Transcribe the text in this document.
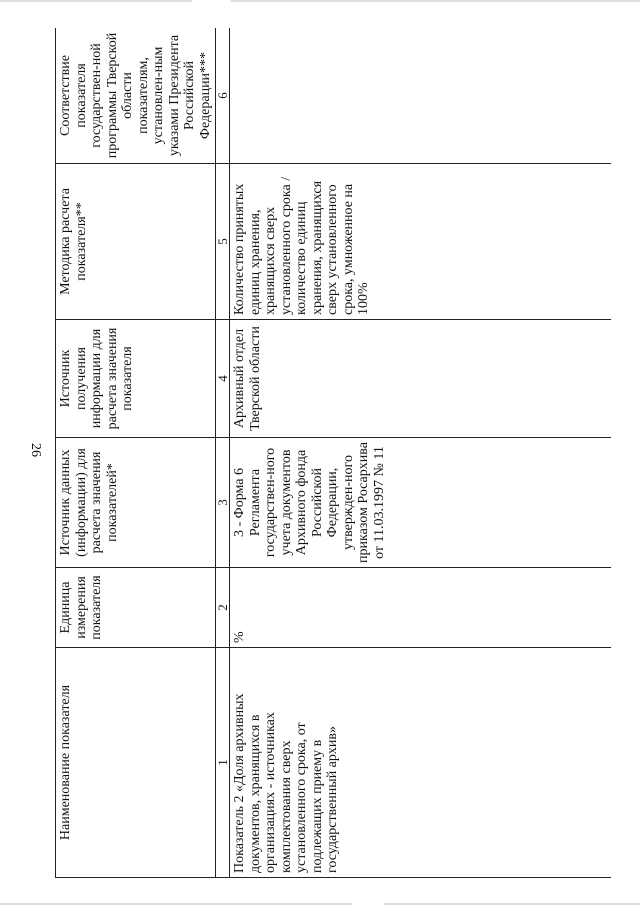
26
Наименование показателя	Единица измерения показателя	Источник данных (информации) для расчета значения показателей*	Источник получения информации для расчета значения показателя	Методика расчета показателя**	Соответствие показателя государствен-ной программы Тверской области показателям, установлен-ным указами Президента Российской Федерации***
1	2	3	4	5	6
Показатель 2 «Доля архивных документов, хранящихся в организациях - источниках комплектования сверх установленного срока, от подлежащих приему в государственный архив»	%	3 - Форма 6 Регламента государствен-ного учета документов Архивного фонда Российской Федерации, утвержден-ного приказом Росархива от 11.03.1997 № 11	Архивный отдел Тверской области	Количество принятых единиц хранения, хранящихся сверх установленного срока / количество единиц хранения, хранящихся сверх установленного срока, умноженное на 100%	
